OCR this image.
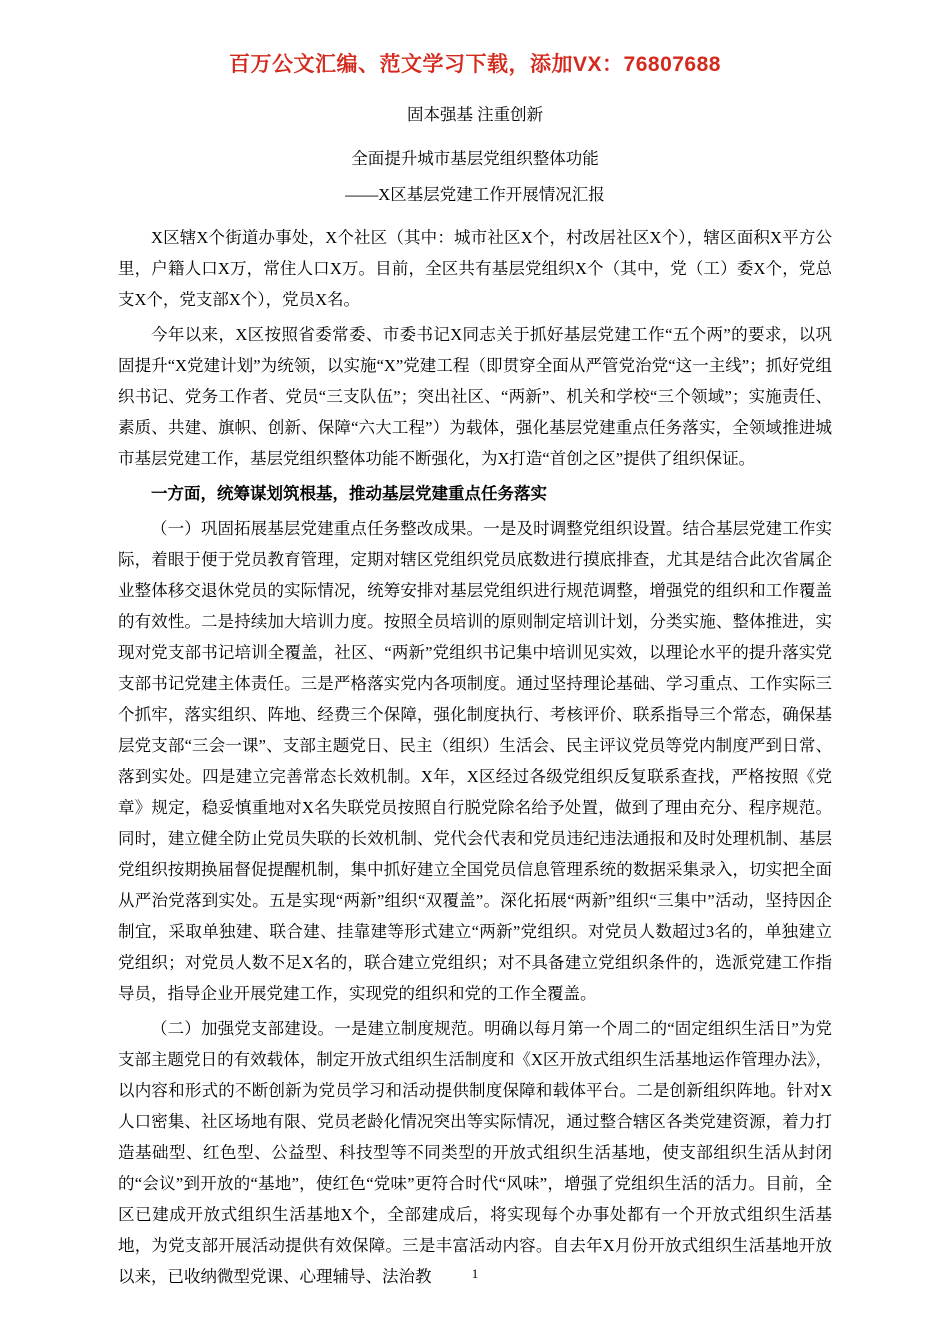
百万公文汇编、范文学习下载，添加VX：76807688
固本强基 注重创新
全面提升城市基层党组织整体功能
——X区基层党建工作开展情况汇报

X区辖X个街道办事处，X个社区（其中：城市社区X个，村改居社区X个），辖区面积X平方公里，户籍人口X万，常住人口X万。目前，全区共有基层党组织X个（其中，党（工）委X个，党总支X个，党支部X个），党员X名。

今年以来，X区按照省委常委、市委书记X同志关于抓好基层党建工作“五个两”的要求，以巩固提升“X党建计划”为统领，以实施“X”党建工程（即贯穿全面从严管党治党“这一主线”；抓好党组织书记、党务工作者、党员“三支队伍”；突出社区、“两新”、机关和学校“三个领域”；实施责任、素质、共建、旗帜、创新、保障“六大工程”）为载体，强化基层党建重点任务落实，全领域推进城市基层党建工作，基层党组织整体功能不断强化，为X打造“首创之区”提供了组织保证。

一方面，统筹谋划筑根基，推动基层党建重点任务落实

（一）巩固拓展基层党建重点任务整改成果。一是及时调整党组织设置。结合基层党建工作实际，着眼于便于党员教育管理，定期对辖区党组织党员底数进行摸底排查，尤其是结合此次省属企业整体移交退休党员的实际情况，统筹安排对基层党组织进行规范调整，增强党的组织和工作覆盖的有效性。二是持续加大培训力度。按照全员培训的原则制定培训计划，分类实施、整体推进，实现对党支部书记培训全覆盖，社区、“两新”党组织书记集中培训见实效，以理论水平的提升落实党支部书记党建主体责任。三是严格落实党内各项制度。通过坚持理论基础、学习重点、工作实际三个抓牢，落实组织、阵地、经费三个保障，强化制度执行、考核评价、联系指导三个常态，确保基层党支部“三会一课”、支部主题党日、民主（组织）生活会、民主评议党员等党内制度严到日常、落到实处。四是建立完善常态长效机制。X年，X区经过各级党组织反复联系查找，严格按照《党章》规定，稳妥慎重地对X名失联党员按照自行脱党除名给予处置，做到了理由充分、程序规范。同时，建立健全防止党员失联的长效机制、党代会代表和党员违纪违法通报和及时处理机制、基层党组织按期换届督促提醒机制，集中抓好建立全国党员信息管理系统的数据采集录入，切实把全面从严治党落到实处。五是实现“两新”组织“双覆盖”。深化拓展“两新”组织“三集中”活动，坚持因企制宜，采取单独建、联合建、挂靠建等形式建立“两新”党组织。对党员人数超过3名的，单独建立党组织；对党员人数不足X名的，联合建立党组织；对不具备建立党组织条件的，选派党建工作指导员，指导企业开展党建工作，实现党的组织和党的工作全覆盖。

（二）加强党支部建设。一是建立制度规范。明确以每月第一个周二的“固定组织生活日”为党支部主题党日的有效载体，制定开放式组织生活制度和《X区开放式组织生活基地运作管理办法》，以内容和形式的不断创新为党员学习和活动提供制度保障和载体平台。二是创新组织阵地。针对X人口密集、社区场地有限、党员老龄化情况突出等实际情况，通过整合辖区各类党建资源，着力打造基础型、红色型、公益型、科技型等不同类型的开放式组织生活基地，使支部组织生活从封闭的“会议”到开放的“基地”，使红色“党味”更符合时代“风味”，增强了党组织生活的活力。目前，全区已建成开放式组织生活基地X个，全部建成后，将实现每个办事处都有一个开放式组织生活基地，为党支部开展活动提供有效保障。三是丰富活动内容。自去年X月份开放式组织生活基地开放以来，已收纳微型党课、心理辅导、法治教	1
